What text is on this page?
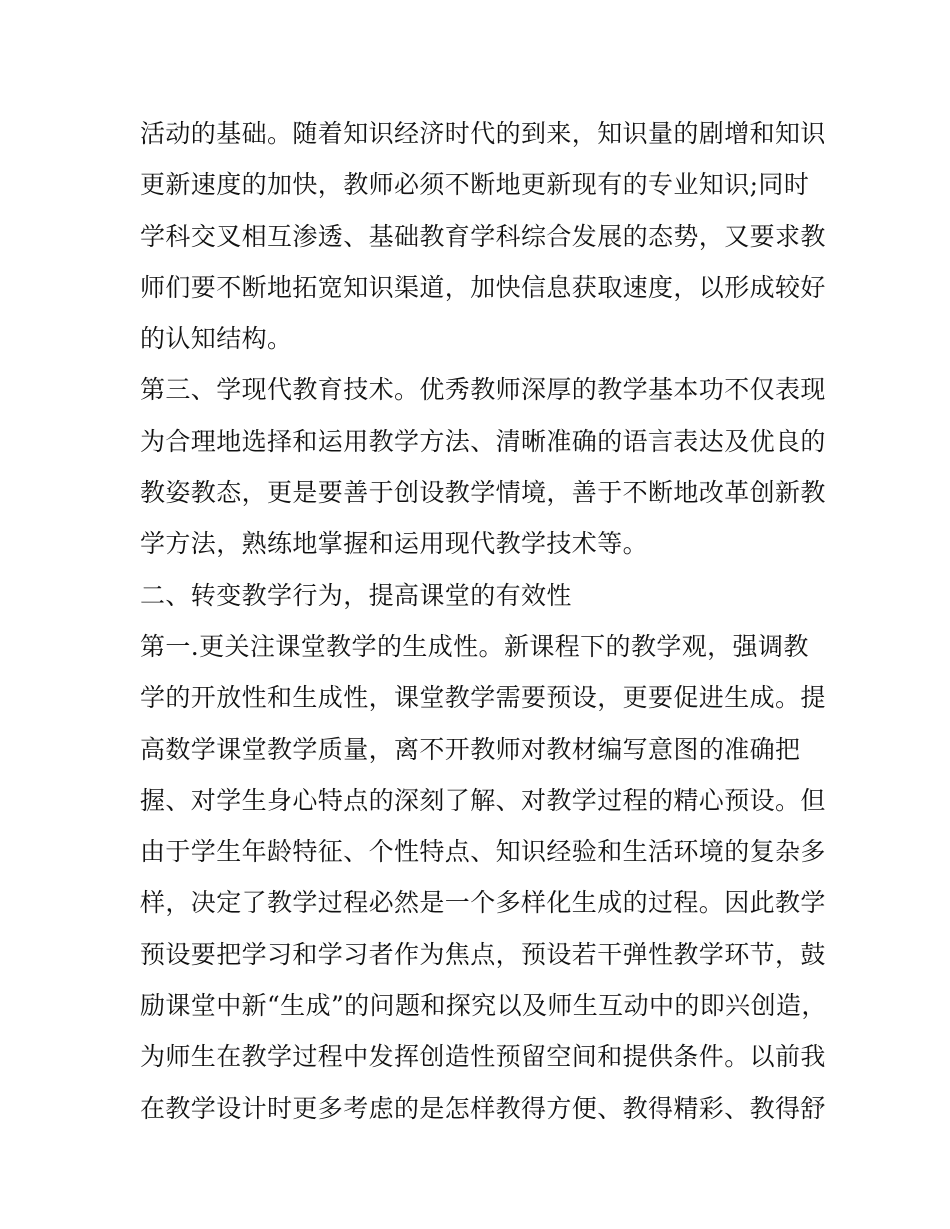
活动的基础。随着知识经济时代的到来，知识量的剧增和知识
更新速度的加快，教师必须不断地更新现有的专业知识;同时
学科交叉相互渗透、基础教育学科综合发展的态势，又要求教
师们要不断地拓宽知识渠道，加快信息获取速度，以形成较好
的认知结构。
第三、学现代教育技术。优秀教师深厚的教学基本功不仅表现
为合理地选择和运用教学方法、清晰准确的语言表达及优良的
教姿教态，更是要善于创设教学情境，善于不断地改革创新教
学方法，熟练地掌握和运用现代教学技术等。
二、转变教学行为，提高课堂的有效性
第一.更关注课堂教学的生成性。新课程下的教学观，强调教
学的开放性和生成性，课堂教学需要预设，更要促进生成。提
高数学课堂教学质量，离不开教师对教材编写意图的准确把
握、对学生身心特点的深刻了解、对教学过程的精心预设。但
由于学生年龄特征、个性特点、知识经验和生活环境的复杂多
样，决定了教学过程必然是一个多样化生成的过程。因此教学
预设要把学习和学习者作为焦点，预设若干弹性教学环节，鼓
励课堂中新“生成”的问题和探究以及师生互动中的即兴创造，
为师生在教学过程中发挥创造性预留空间和提供条件。以前我
在教学设计时更多考虑的是怎样教得方便、教得精彩、教得舒
